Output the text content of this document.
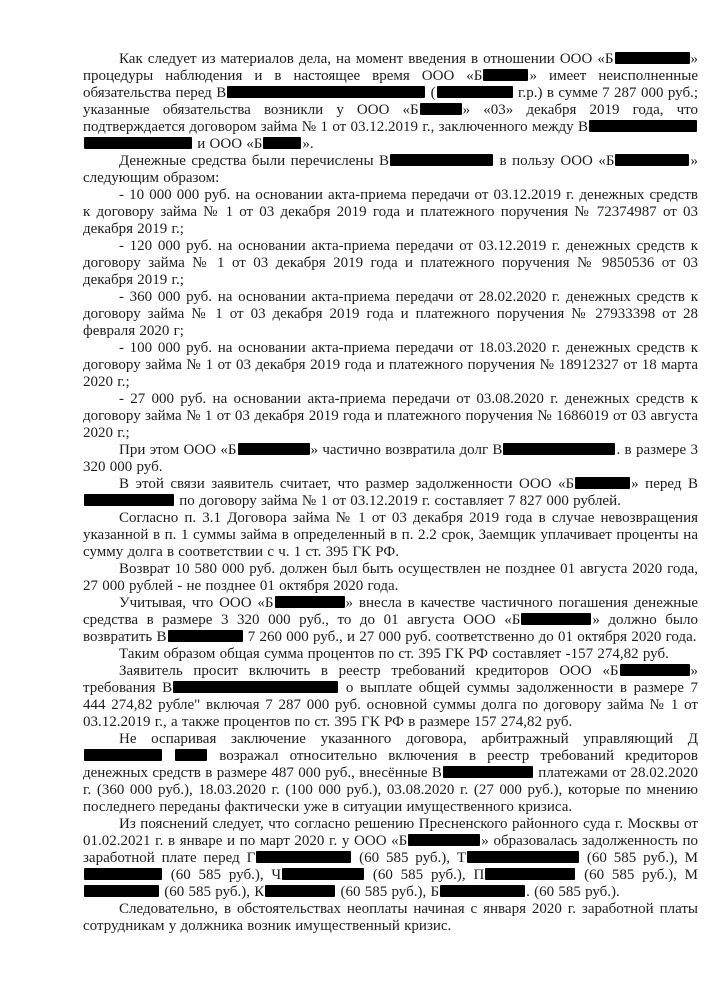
Как следует из материалов дела, на момент введения в отношении ООО «Б	» процедуры наблюдения и в настоящее время ООО «Б	» имеет неисполненные обязательства перед В	(	г.р.) в сумме 7 287 000 руб.; указанные обязательства возникли у ООО «Б	» «03» декабря 2019 года, что подтверждается договором займа № 1 от 03.12.2019 г., заключенного между В  и ООО «Б	».

Денежные средства были перечислены В	в пользу ООО «Б	» следующим образом:

- 10 000 000 руб. на основании акта-приема передачи от 03.12.2019 г. денежных средств к договору займа № 1 от 03 декабря 2019 года и платежного поручения № 72374987 от 03 декабря 2019 г.;

- 120 000 руб. на основании акта-приема передачи от 03.12.2019 г. денежных средств к договору займа № 1 от 03 декабря 2019 года и платежного поручения № 9850536 от 03 декабря 2019 г.;

- 360 000 руб. на основании акта-приема передачи от 28.02.2020 г. денежных средств к договору займа № 1 от 03 декабря 2019 года и платежного поручения № 27933398 от 28 февраля 2020 г;

- 100 000 руб. на основании акта-приема передачи от 18.03.2020 г. денежных средств к договору займа № 1 от 03 декабря 2019 года и платежного поручения № 18912327 от 18 марта 2020 г.;

- 27 000 руб. на основании акта-приема передачи от 03.08.2020 г. денежных средств к договору займа № 1 от 03 декабря 2019 года и платежного поручения № 1686019 от 03 августа 2020 г.;

При этом ООО «Б	» частично возвратила долг В	. в размере 3 320 000 руб.

В этой связи заявитель считает, что размер задолженности ООО «Б	» перед В по договору займа № 1 от 03.12.2019 г. составляет 7 827 000 рублей.

Согласно п. 3.1 Договора займа № 1 от 03 декабря 2019 года в случае невозвращения указанной в п. 1 суммы займа в определенный в п. 2.2 срок, Заемщик уплачивает проценты на сумму долга в соответствии с ч. 1 ст. 395 ГК РФ.

Возврат 10 580 000 руб. должен был быть осуществлен не позднее 01 августа 2020 года, 27 000 рублей - не позднее 01 октября 2020 года.

Учитывая, что ООО «Б	» внесла в качестве частичного погашения денежные средства в размере 3 320 000 руб., то до 01 августа ООО «Б	» должно было возвратить В	7 260 000 руб., и 27 000 руб. соответственно до 01 октября 2020 года.

Таким образом общая сумма процентов по ст. 395 ГК РФ составляет -157 274,82 руб.

Заявитель просит включить в реестр требований кредиторов ООО «Б	» требования В	о выплате общей суммы задолженности в размере 7 444 274,82 рубле" включая 7 287 000 руб. основной суммы долга по договору займа № 1 от 03.12.2019 г., а также процентов по ст. 395 ГК РФ в размере 157 274,82 руб.

Не оспаривая заключение указанного договора, арбитражный управляющий Д  возражал относительно включения в реестр требований кредиторов денежных средств в размере 487 000 руб., внесённые В	платежами от 28.02.2020 г. (360 000 руб.), 18.03.2020 г. (100 000 руб.), 03.08.2020 г. (27 000 руб.), которые по мнению последнего переданы фактически уже в ситуации имущественного кризиса.

Из пояснений следует, что согласно решению Пресненского районного суда г. Москвы от 01.02.2021 г. в январе и по март 2020 г. у ООО «Б	» образовалась задолженность по заработной плате перед Г	(60 585 руб.), Т	(60 585 руб.), М (60 585 руб.), Ч	(60 585 руб.), П	(60 585 руб.), М (60 585 руб.), К	(60 585 руб.), Б	. (60 585 руб.).

Следовательно, в обстоятельствах неоплаты начиная с января 2020 г. заработной платы сотрудникам у должника возник имущественный кризис.
